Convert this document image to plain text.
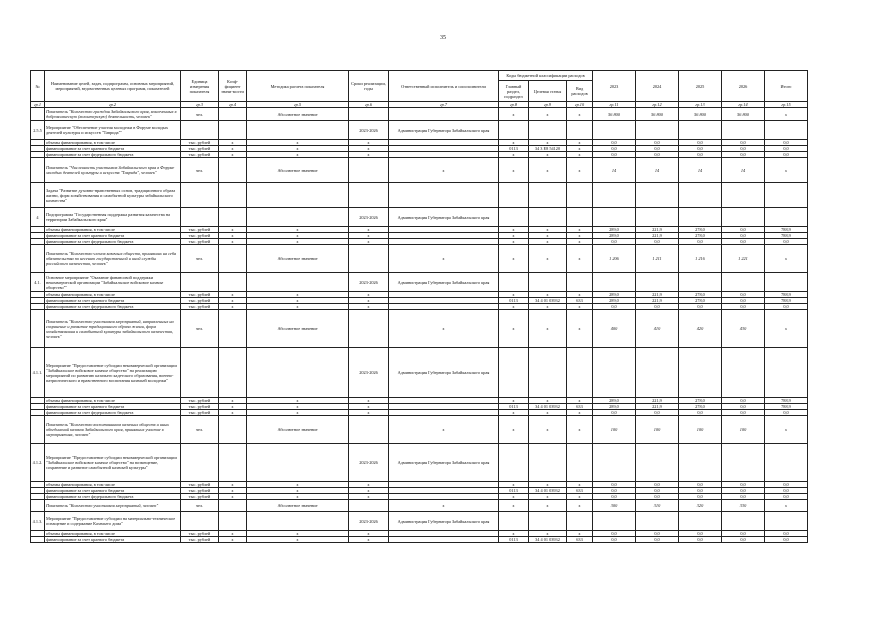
35
№	Наименование целей, задач, подпрограмм, основных мероприятий, мероприятий, ведомственных целевых программ, показателей	Единица измерения показателя	Коэф-фициент значи-мости	Методика расчета показателя	Сроки реализации, годы	Ответственный исполнитель и соисполнители	Коды бюджетной классификации расходов			2023	2024	2025	2026	Итого
							Главный раздел, подраздел	Целевая статья	Вид расходов					
гр.1	гр.2	гр.3	гр.4	гр.5	гр.6	гр.7	гр.8	гр.9	гр.10	гр.11	гр.12	гр.13	гр.14	гр.15
	Показатель "Количество граждан Забайкальского края, вовлеченных в добровольческую (волонтерскую) деятельность, человек"	чел.		Абсолютное значение			x	x	x	56 800	56 800	56 800	56 800	x
2.5.5	Мероприятие "Обеспечение участия молодежи в Форуме молодых деятелей культуры и искусств "Таврида""				2023-2026	Администрация Губернатора Забайкальского края								
	объемы финансирования, в том числе	тыс. рублей	x	x	x		x	x	x	0,0	0,0	0,0	0,0	0,0
	финансирование за счет краевого бюджета	тыс. рублей	x	x	x		0113	34 3 E8 54120	x	0,0	0,0	0,0	0,0	0,0
	финансирование за счет федерального бюджета	тыс. рублей	x	x	x		x	x	x	0,0	0,0	0,0	0,0	0,0
	Показатель "Численность участников Забайкальского края в Форуме молодых деятелей культуры и искусств "Таврида", человек"	чел.		Абсолютное значение		x	x	x	x	14	14	14	14	x
	Задача "Развитие духовно-нравственных основ, традиционного образа жизни, форм хозяйствования и самобытной культуры забайкальского казачества"													
4	Подпрограмма "Государственная поддержка развития казачества на территории Забайкальского края"				2023-2026	Администрация Губернатора Забайкальского края								
	объемы финансирования, в том числе	тыс. рублей	x	x	x		x	x	x	289,0	221,9	278,0	0,0	788,9
	финансирование за счет краевого бюджета	тыс. рублей	x	x	x		x	x	x	289,0	221,9	278,0	0,0	788,9
	финансирование за счет федерального бюджета	тыс. рублей	x	x	x		x	x	x	0,0	0,0	0,0	0,0	0,0
	Показатель "Количество членов казачьих обществ, принявших на себя обязательства по несению государственной и иной службы российского казачества, человек"	чел.		Абсолютное значение		x	x	x	x	1 206	1 211	1 216	1 221	x
4.1.	Основное мероприятие "Оказание финансовой поддержки некоммерческой организации "Забайкальское войсковое казачье общество""				2023-2026	Администрация Губернатора Забайкальского края								
	объемы финансирования, в том числе	тыс. рублей	x	x	x		x	x	x	289,0	221,9	278,0	0,0	788,9
	финансирование за счет краевого бюджета	тыс. рублей	x	x	x		0113	34 4 01 03932	633	289,0	221,9	278,0	0,0	788,9
	финансирование за счет федерального бюджета	тыс. рублей	x	x	x		x	x	x	0,0	0,0	0,0	0,0	0,0
	Показатель "Количество участников мероприятий, направленных на сохранение и развитие традиционного образа жизни, форм хозяйствования и самобытной культуры забайкальского казачества, человек"	чел.		Абсолютное значение		x	x	x	x	400	410	420	430	x
4.1.1.	Мероприятие "Предоставление субсидии некоммерческой организации "Забайкальское войсковое казачье общество" на реализацию мероприятий по развитию казачьего кадетского образования, военно-патриотического и нравственного воспитания казачьей молодежи"				2023-2026	Администрация Губернатора Забайкальского края								
	объемы финансирования, в том числе	тыс. рублей	x	x	x		x	x	x	289,0	221,9	278,0	0,0	788,9
	финансирование за счет краевого бюджета	тыс. рублей	x	x	x		0113	34 4 01 03932	633	289,0	221,9	278,0	0,0	788,9
	финансирование за счет федерального бюджета	тыс. рублей	x	x	x		x	x	x	0,0	0,0	0,0	0,0	0,0
	Показатель "Количество воспитанников казачьих обществ и иных объединений казаков Забайкальского края, принявших участие в мероприятиях, человек"	чел.		Абсолютное значение		x	x	x	x	100	100	100	100	x
4.1.2.	Мероприятие "Предоставление субсидии некоммерческой организации "Забайкальское войсковое казачье общество" на возмещение, сохранение и развитие самобытной казачьей культуры"				2023-2026	Администрация Губернатора Забайкальского края								
	объемы финансирования, в том числе	тыс. рублей	x	x	x		x	x	x	0,0	0,0	0,0	0,0	0,0
	финансирование за счет краевого бюджета	тыс. рублей	x	x	x		0113	34 4 01 03932	633	0,0	0,0	0,0	0,0	0,0
	финансирование за счет федерального бюджета	тыс. рублей	x	x	x		x	x	x	0,0	0,0	0,0	0,0	0,0
	Показатель "Количество участников мероприятий, человек"	чел.		Абсолютное значение		x	x	x	x	300	310	320	330	x
4.1.3.	Мероприятие "Предоставление субсидии на материально-техническое оснащение и содержание Казачьего дома"				2023-2026	Администрация Губернатора Забайкальского края								
	объемы финансирования, в том числе	тыс. рублей	x	x	x		x	x	x	0,0	0,0	0,0	0,0	0,0
	финансирование за счет краевого бюджета	тыс. рублей	x	x	x		0113	34 4 01 03932	633	0,0	0,0	0,0	0,0	0,0
